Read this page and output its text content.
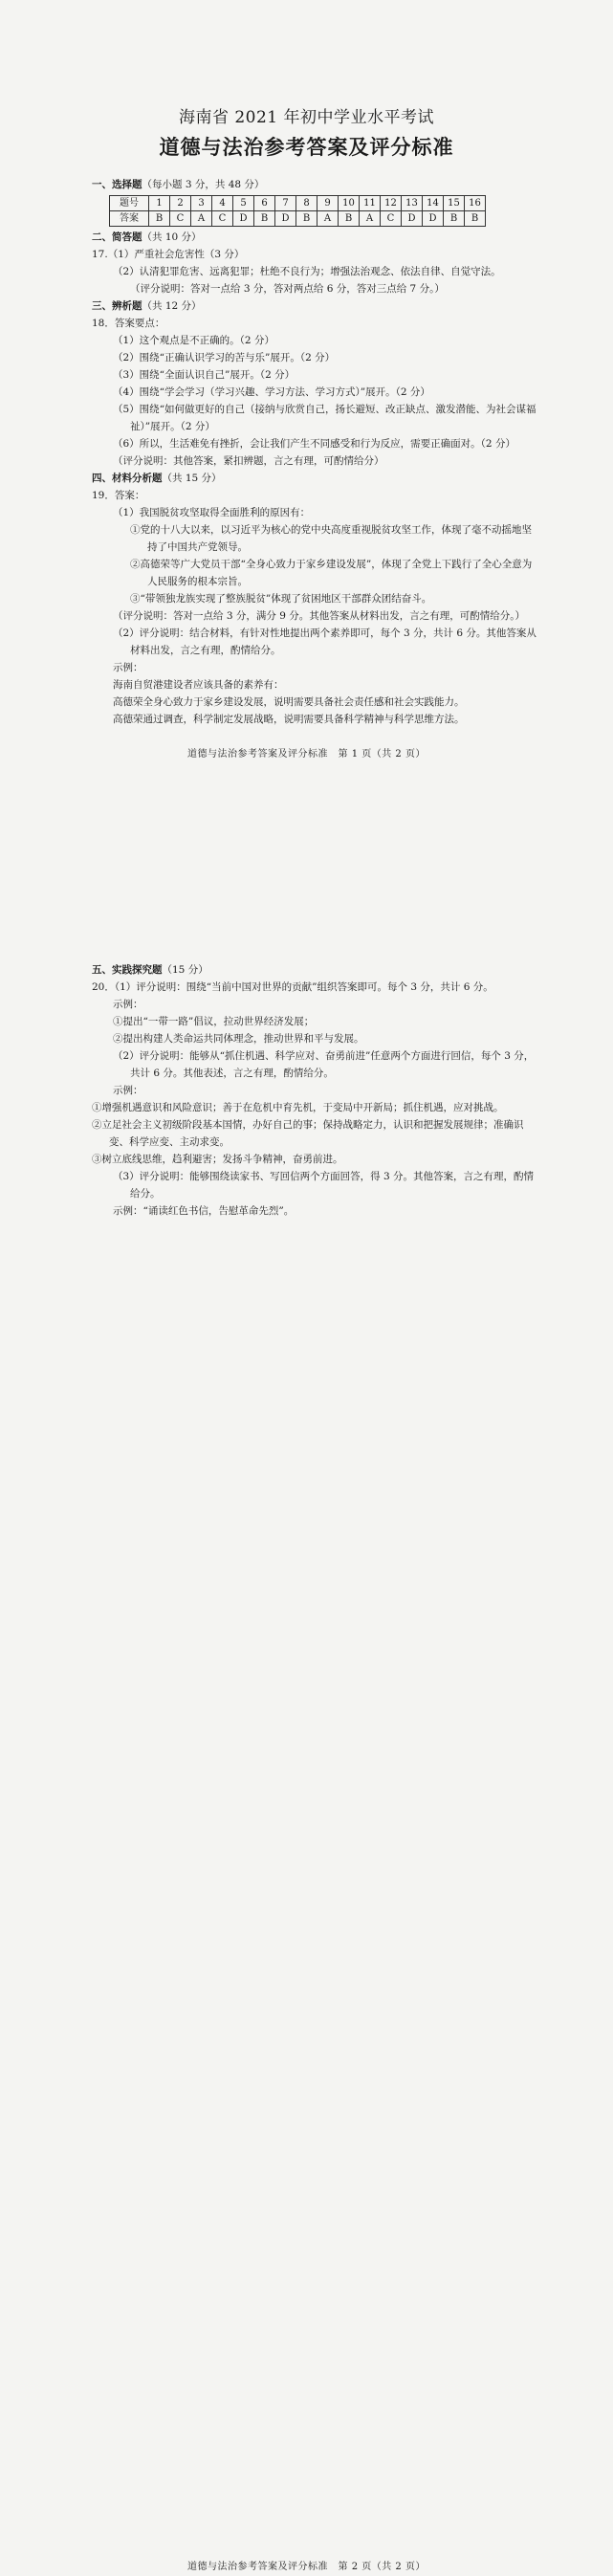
海南省 2021 年初中学业水平考试
道德与法治参考答案及评分标准
一、选择题（每小题 3 分，共 48 分）
题号	1	2	3	4	5	6	7	8	9	10	11	12	13	14	15	16
答案	B	C	A	C	D	B	D	B	A	B	A	C	D	D	B	B
二、简答题（共 10 分）
17.（1）严重社会危害性（3 分）
（2）认清犯罪危害、远离犯罪；杜绝不良行为；增强法治观念、依法自律、自觉守法。
（评分说明：答对一点给 3 分，答对两点给 6 分，答对三点给 7 分。）
三、辨析题（共 12 分）
18．答案要点：
（1）这个观点是不正确的。（2 分）
（2）围绕“正确认识学习的苦与乐”展开。（2 分）
（3）围绕“全面认识自己”展开。（2 分）
（4）围绕“学会学习（学习兴趣、学习方法、学习方式）”展开。（2 分）
（5）围绕“如何做更好的自己（接纳与欣赏自己，扬长避短、改正缺点、激发潜能、为社会谋福祉）”展开。（2 分）
（6）所以，生活难免有挫折，会让我们产生不同感受和行为反应，需要正确面对。（2 分）
（评分说明：其他答案，紧扣辨题，言之有理，可酌情给分）
四、材料分析题（共 15 分）
19．答案：
（1）我国脱贫攻坚取得全面胜利的原因有：
①党的十八大以来，以习近平为核心的党中央高度重视脱贫攻坚工作，体现了毫不动摇地坚持了中国共产党领导。
②高德荣等广大党员干部“全身心致力于家乡建设发展”，体现了全党上下践行了全心全意为人民服务的根本宗旨。
③“带领独龙族实现了整族脱贫”体现了贫困地区干部群众团结奋斗。
（评分说明：答对一点给 3 分，满分 9 分。其他答案从材料出发，言之有理，可酌情给分。）
（2）评分说明：结合材料，有针对性地提出两个素养即可，每个 3 分，共计 6 分。其他答案从材料出发，言之有理，酌情给分。
示例：
海南自贸港建设者应该具备的素养有：
高德荣全身心致力于家乡建设发展，说明需要具备社会责任感和社会实践能力。
高德荣通过调查，科学制定发展战略，说明需要具备科学精神与科学思维方法。
道德与法治参考答案及评分标准　第 1 页（共 2 页）
五、实践探究题（15 分）
20．（1）评分说明：围绕“当前中国对世界的贡献”组织答案即可。每个 3 分，共计 6 分。
示例：
①提出“一带一路”倡议，拉动世界经济发展；
②提出构建人类命运共同体理念，推动世界和平与发展。
（2）评分说明：能够从“抓住机遇、科学应对、奋勇前进”任意两个方面进行回信，每个 3 分，共计 6 分。其他表述，言之有理，酌情给分。
示例：
①增强机遇意识和风险意识；善于在危机中育先机，于变局中开新局；抓住机遇，应对挑战。
②立足社会主义初级阶段基本国情，办好自己的事；保持战略定力，认识和把握发展规律；准确识变、科学应变、主动求变。
③树立底线思维，趋利避害；发扬斗争精神，奋勇前进。
（3）评分说明：能够围绕读家书、写回信两个方面回答，得 3 分。其他答案，言之有理，酌情给分。
示例：“诵读红色书信，告慰革命先烈”。
道德与法治参考答案及评分标准　第 2 页（共 2 页）
